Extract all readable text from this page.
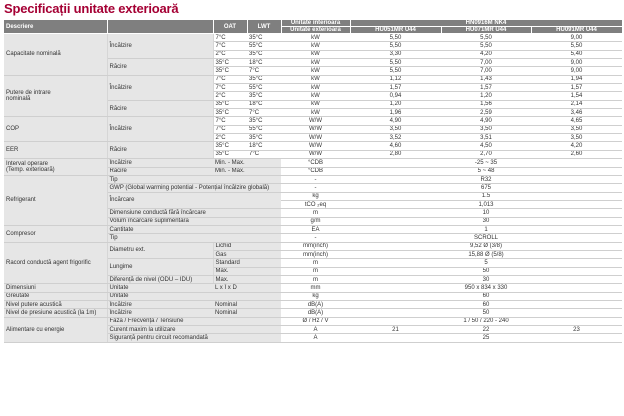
Specificații unitate exterioară
Descriere		OAT	LWT	Unitate interioară	HN0916M NK4		
				Unitate exterioară	HU051MR U44	HU071MR U44	HU091MR U44
Capacitate nominală	Încălzire	7°C	35°C	kW	5,50	5,50	9,00
		7°C	55°C	kW	5,50	5,50	5,50
		2°C	35°C	kW	3,30	4,20	5,40
	Răcire	35°C	18°C	kW	5,50	7,00	9,00
		35°C	7°C	kW	5,50	7,00	9,00
Putere de intrare
nominală	Încălzire	7°C	35°C	kW	1,12	1,43	1,94
		7°C	55°C	kW	1,57	1,57	1,57
		2°C	35°C	kW	0,94	1,20	1,54
	Răcire	35°C	18°C	kW	1,20	1,56	2,14
		35°C	7°C	kW	1,96	2,59	3,46
COP	Încălzire	7°C	35°C	W/W	4,90	4,90	4,65
		7°C	55°C	W/W	3,50	3,50	3,50
		2°C	35°C	W/W	3,52	3,51	3,50
EER	Răcire	35°C	18°C	W/W	4,60	4,50	4,20
		35°C	7°C	W/W	2,80	2,70	2,60
Interval operare
(Temp. exterioară)	Încălzire	Min. - Max.		°CDB	-25 ~ 35		
	Răcire	Min. - Max.		°CDB	5 ~ 48		
Refrigerant	Tip			-	R32		
	GWP (Global warming potential - Potențial încălzire globală)			-	675		
	Încărcare			kg	1.5		
				tCO ₂eq	1,013		
	Dimensiune conductă fără încărcare			m	10		
	Volum încărcare suplimentară			g/m	30		
Compresor	Cantitate			EA	1		
	Tip			-	SCROLL		
Racord conductă agent frigorific	Diametru ext.	Lichid		mm(inch)	9,52 Ø (3/8)		
		Gas		mm(inch)	15,88 Ø (5/8)		
	Lungime	Standard		m	5		
		Max.		m	50		
	Diferență de nivel (ODU – IDU)	Max.		m	30		
Dimensiuni	Unitate	L x Î x D		mm	950 x 834 x 330		
Greutate	Unitate			kg	60		
Nivel putere acustică	Încălzire	Nominal		dB(A)	60		
Nivel de presiune acustică (la 1m)	Încălzire	Nominal		dB(A)	50		
Alimentare cu energie	Fază / Frecvență / Tensiune			Ø / Hz / V	1 / 50 / 220 - 240		
	Curent maxim la utilizare			A	21	22	23
	Siguranță pentru circuit recomandată			A	25		
